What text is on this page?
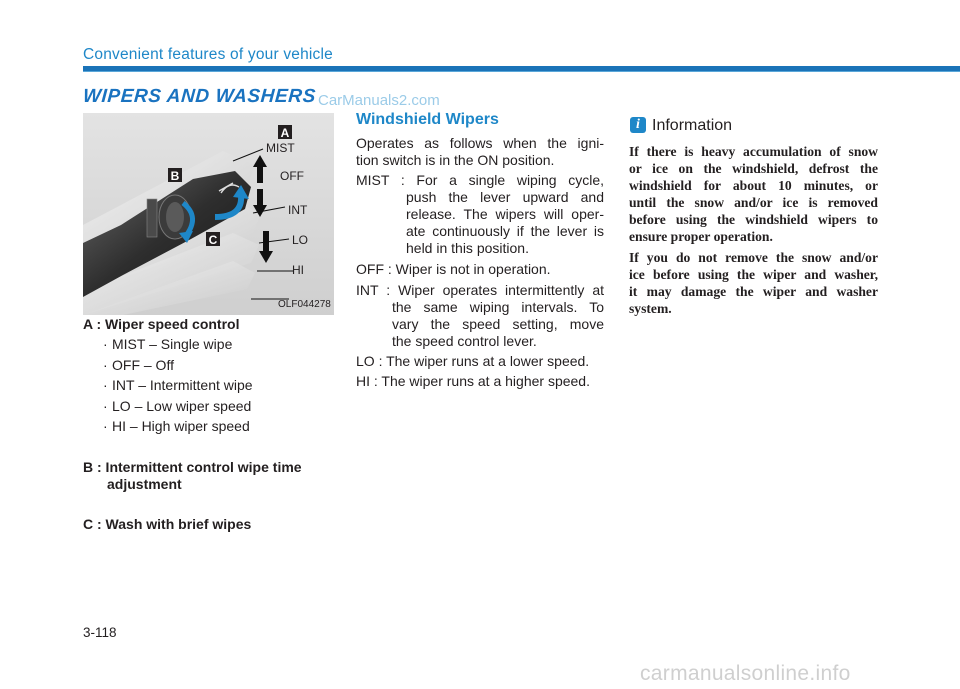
Convenient features of your vehicle
WIPERS AND WASHERS CarManuals2.com
A
B
C
MIST
OFF
INT
LO
HI
OLF044278
A : Wiper speed control
· MIST – Single wipe
· OFF – Off
· INT – Intermittent wipe
· LO – Low wiper speed
· HI – High wiper speed
B : Intermittent control wipe time
adjustment
C : Wash with brief wipes
Windshield Wipers
Operates as follows when the igni-
tion switch is in the ON position.
MIST : For a single wiping cycle,
push the lever upward and
release. The wipers will oper-
ate continuously if the lever is
held in this position.
OFF : Wiper is not in operation.
INT : Wiper operates intermittently at
the same wiping intervals. To
vary the speed setting, move
the speed control lever.
LO : The wiper runs at a lower speed.
HI : The wiper runs at a higher speed.
i Information
If there is heavy accumulation of snow
or ice on the windshield, defrost the
windshield for about 10 minutes, or
until the snow and/or ice is removed
before using the windshield wipers to
ensure proper operation.
If you do not remove the snow and/or
ice before using the wiper and washer,
it may damage the wiper and washer
system.
3-118
carmanualsonline.info
